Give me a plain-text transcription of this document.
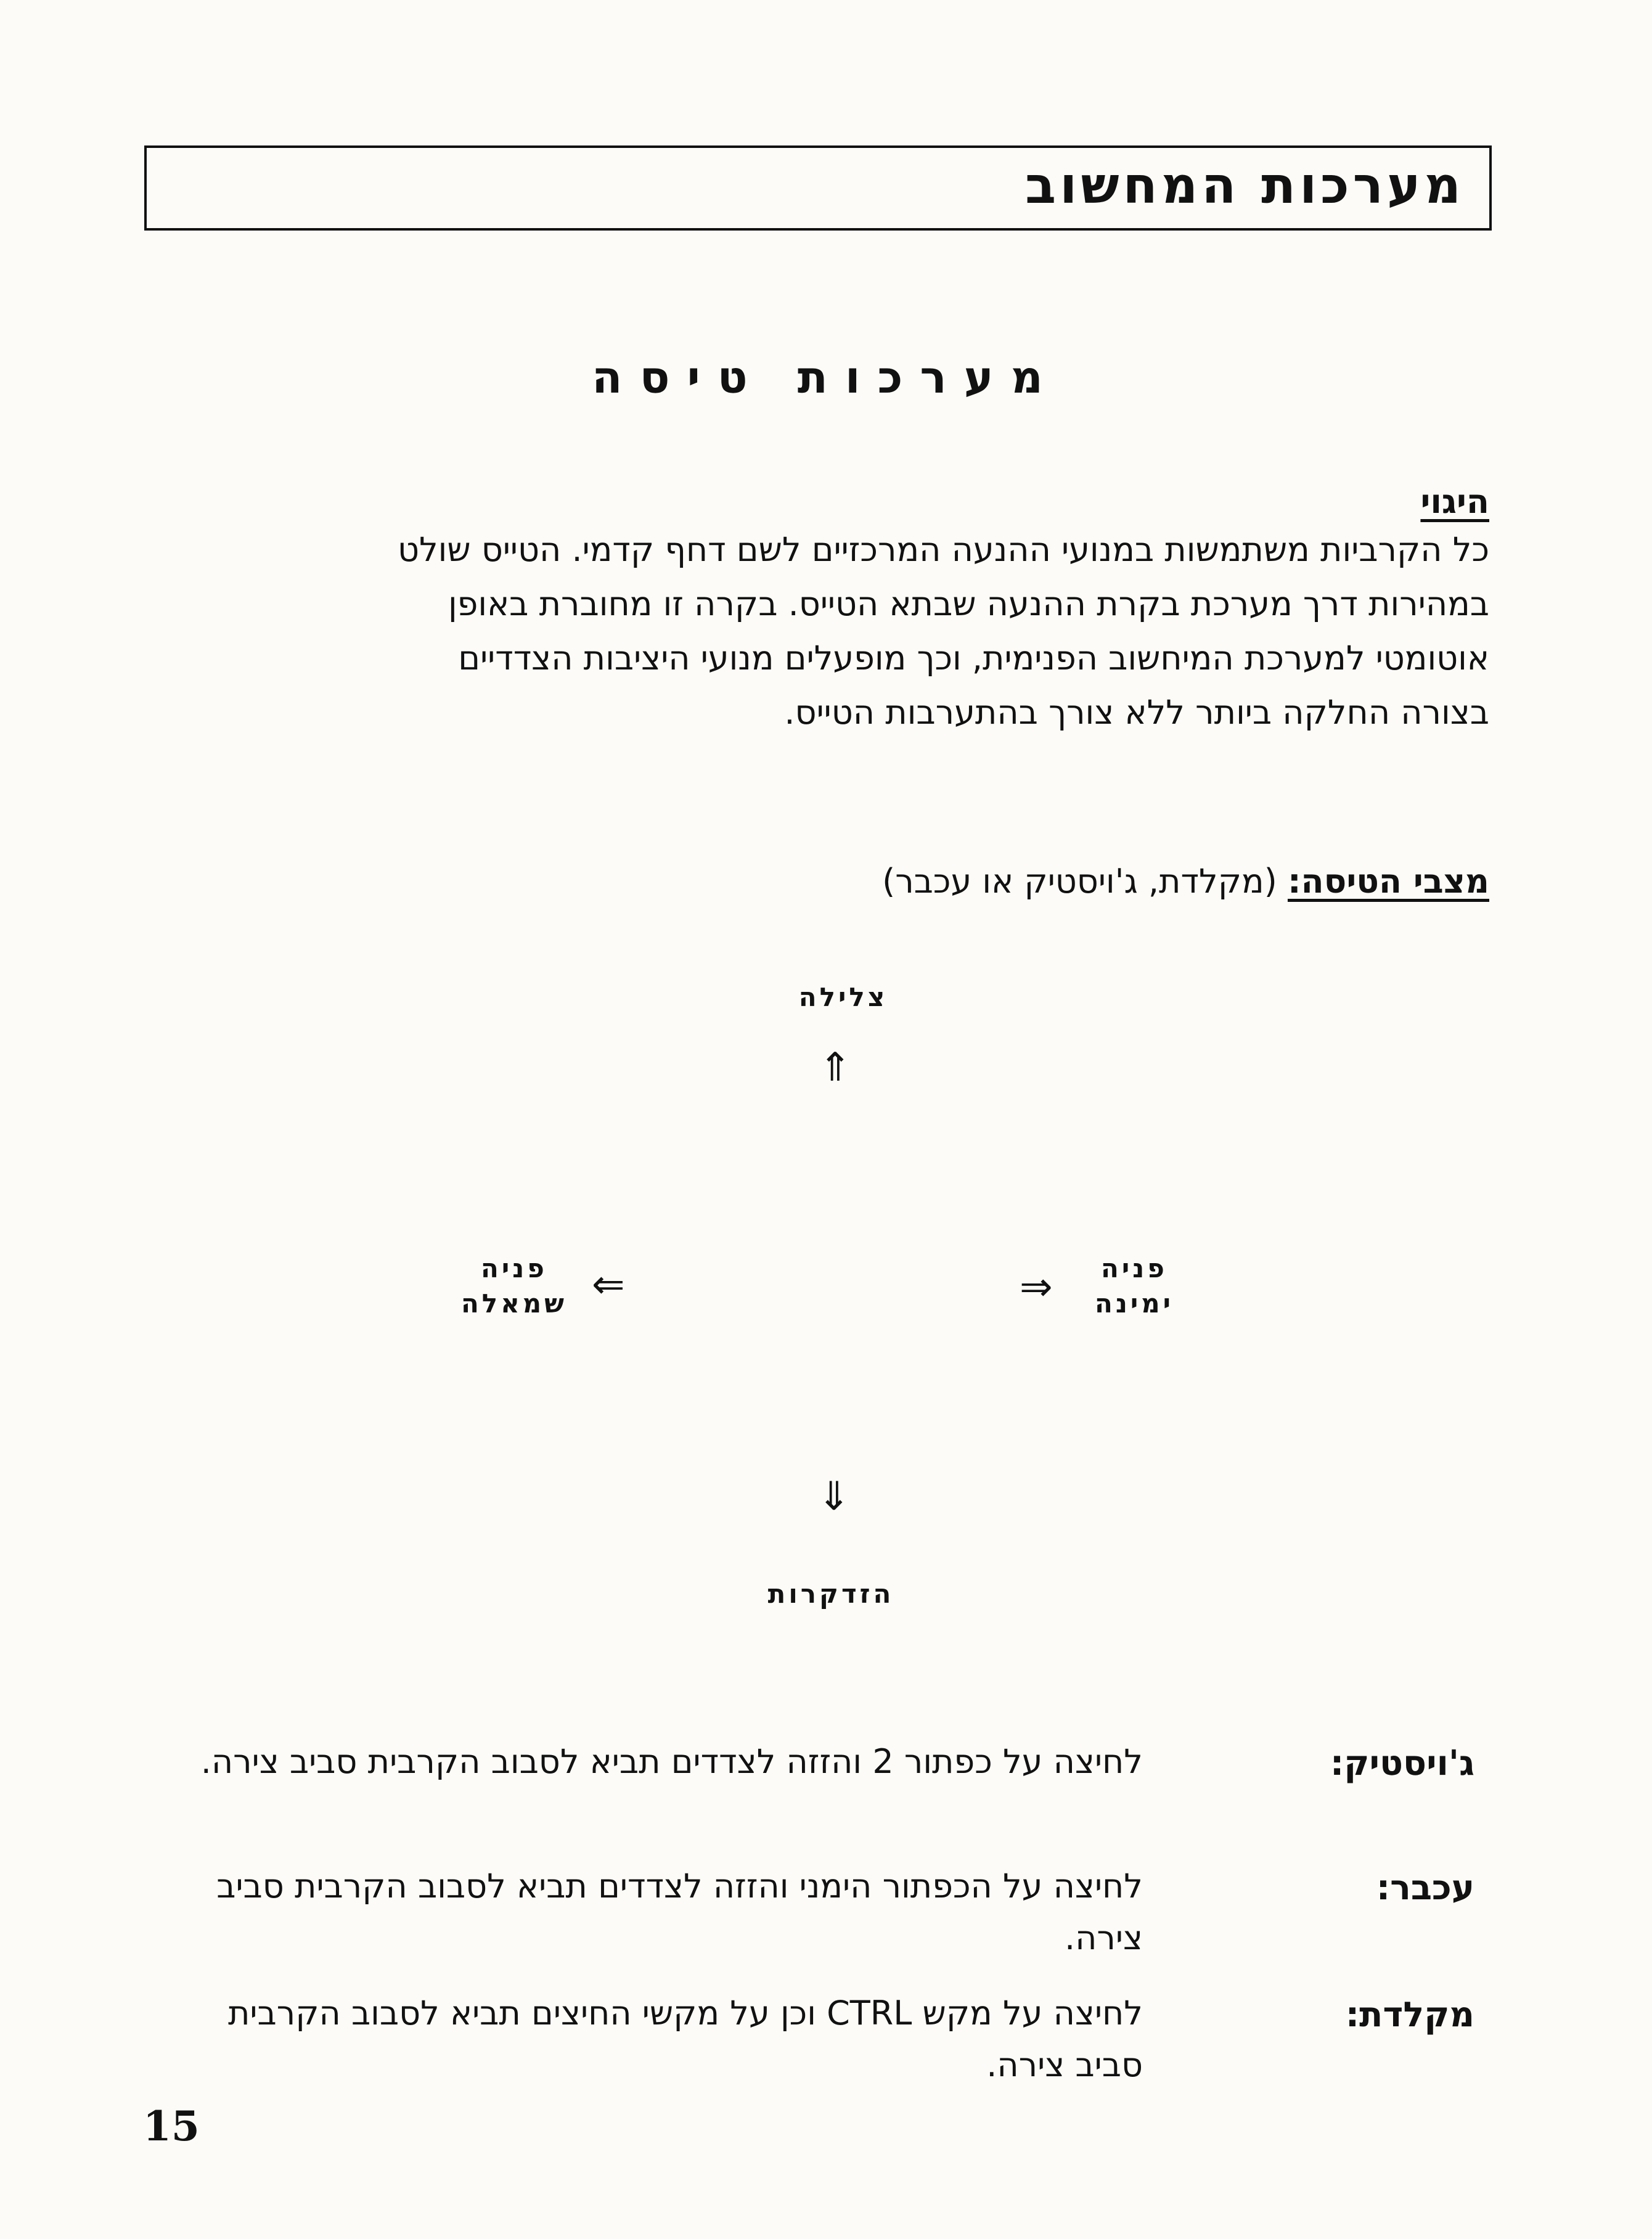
מערכות המחשוב
מערכות טיסה
היגוי

כל הקרביות משתמשות במנועי ההנעה המרכזיים לשם דחף קדמי. הטייס שולט

במהירות דרך מערכת בקרת ההנעה שבתא הטייס. בקרה זו מחוברת באופן

אוטומטי למערכת המיחשוב הפנימית, וכך מופעלים מנועי היציבות הצדדיים

בצורה החלקה ביותר ללא צורך בהתערבות הטייס.

מצבי הטיסה: (מקלדת, ג'ויסטיק או עכבר)

צלילה

⇑

פניה ימינה

⇒
⇐

פניה שמאלה

⇓

הזדקרות

ג'ויסטיק:

לחיצה על כפתור 2 והזזה לצדדים תביא לסבוב הקרבית סביב צירה.

עכבר:

לחיצה על הכפתור הימני והזזה לצדדים תביא לסבוב הקרבית סביב צירה.

מקלדת:

לחיצה על מקש CTRL וכן על מקשי החיצים תביא לסבוב הקרבית סביב צירה.

15
